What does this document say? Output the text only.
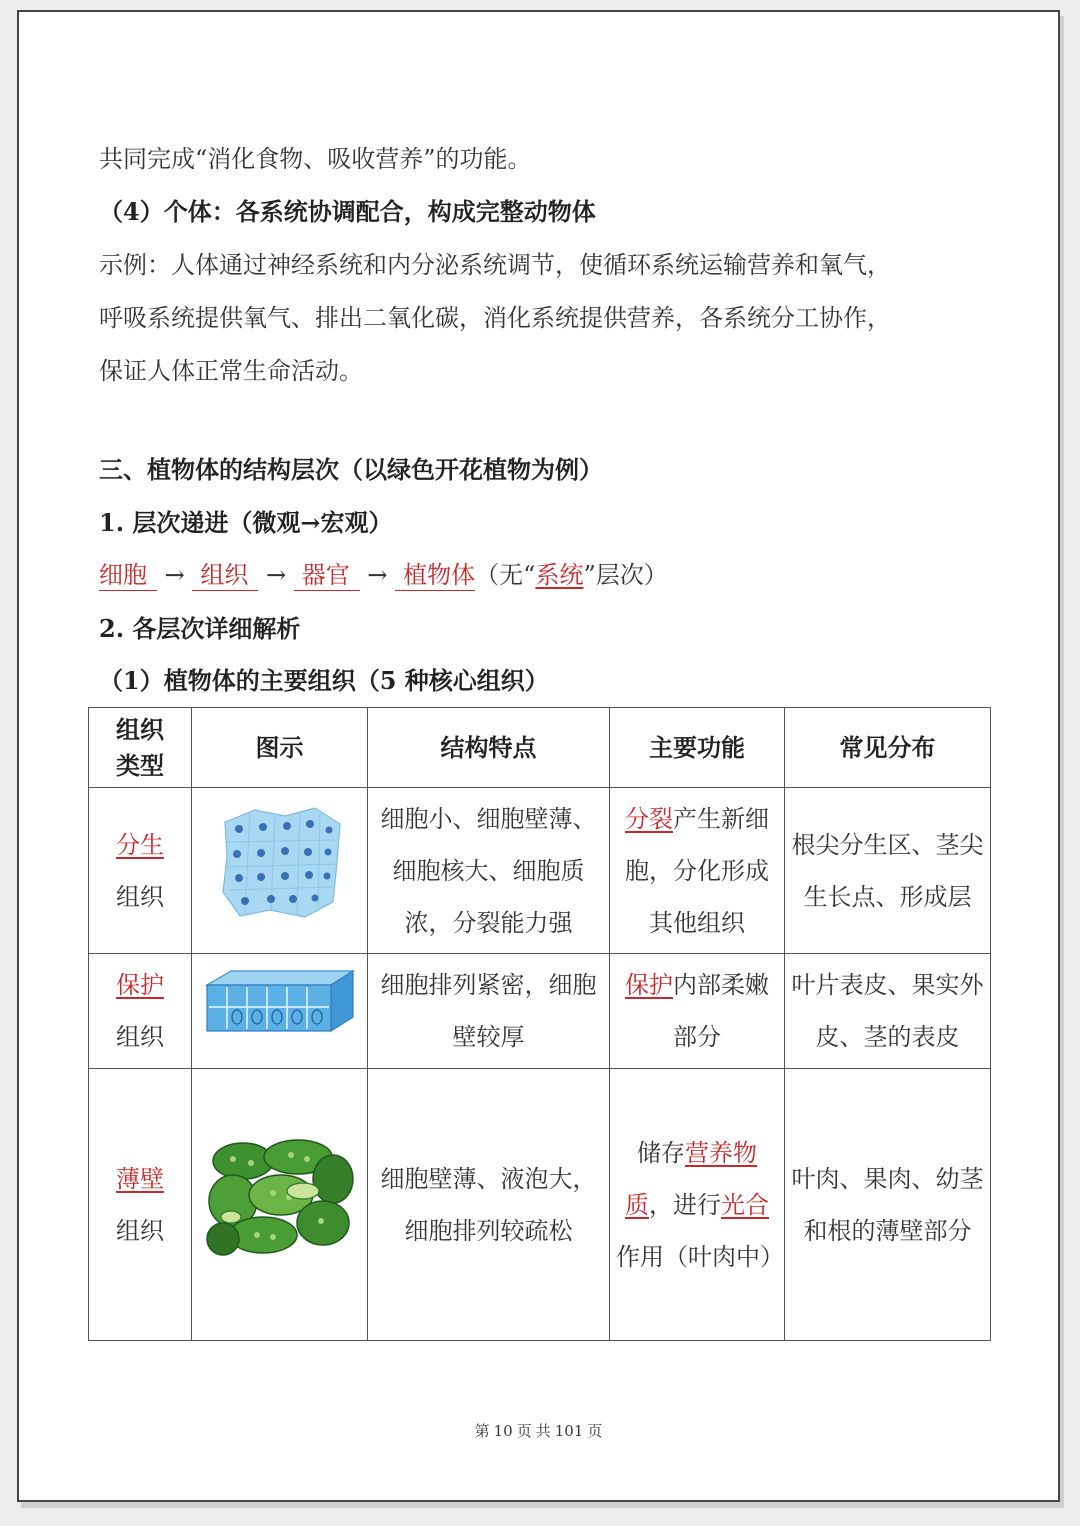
共同完成“消化食物、吸收营养”的功能。
（4）个体：各系统协调配合，构成完整动物体
示例：人体通过神经系统和内分泌系统调节，使循环系统运输营养和氧气，
呼吸系统提供氧气、排出二氧化碳，消化系统提供营养，各系统分工协作，
保证人体正常生命活动。
三、植物体的结构层次（以绿色开花植物为例）
1. 层次递进（微观→宏观）
细胞 → 组织 → 器官 → 植物体（无“系统”层次）
2. 各层次详细解析
（1）植物体的主要组织（5 种核心组织）
组织类型	图示	结构特点	主要功能	常见分布

分生
组织		细胞小、细胞壁薄、细胞核大、细胞质浓，分裂能力强	分裂产生新细胞，分化形成其他组织	根尖分生区、茎尖生长点、形成层

保护
组织		细胞排列紧密，细胞壁较厚	保护内部柔嫩部分	叶片表皮、果实外皮、茎的表皮

薄壁
组织		细胞壁薄、液泡大，细胞排列较疏松	储存营养物质，进行光合作用（叶肉中）	叶肉、果肉、幼茎和根的薄壁部分
第 10 页 共 101 页
